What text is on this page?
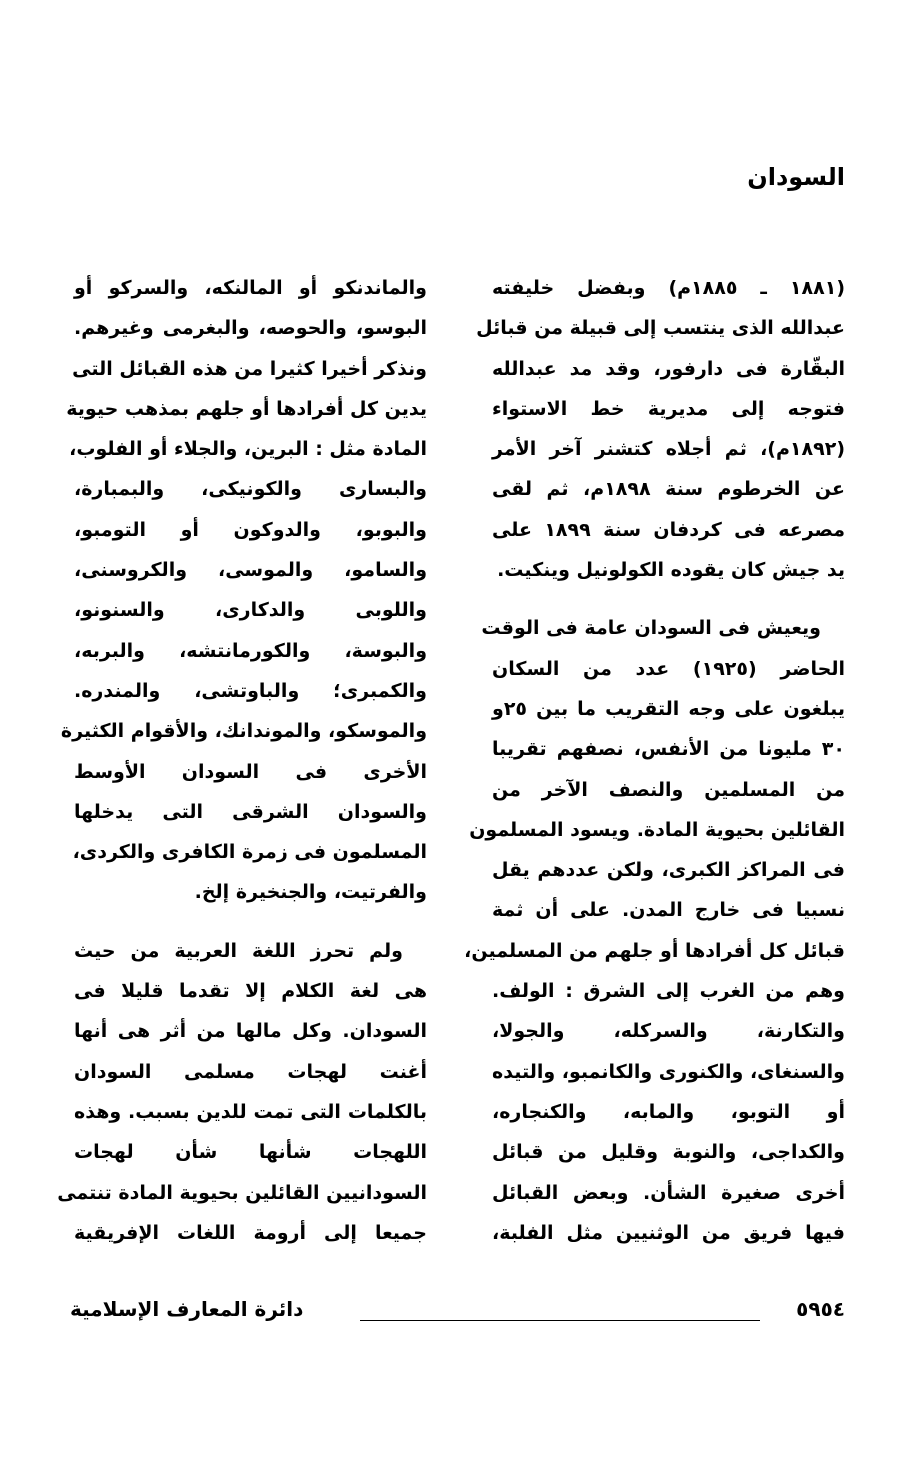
السودان

(١٨٨١ ـ ١٨٨٥م) وبفضل خليفته
عبدالله الذى ينتسب إلى قبيلة من قبائل
البقّارة فى دارفور، وقد مد عبدالله
فتوجه إلى مديرية خط الاستواء
(١٨٩٢م)، ثم أجلاه كتشنر آخر الأمر
عن الخرطوم سنة ١٨٩٨م، ثم لقى
مصرعه فى كردفان سنة ١٨٩٩ على
يد جيش كان يقوده الكولونيل وينكيت.

ويعيش فى السودان عامة فى الوقت
الحاضر (١٩٢٥) عدد من السكان
يبلغون على وجه التقريب ما بين ٢٥و
٣٠ مليونا من الأنفس، نصفهم تقريبا
من المسلمين والنصف الآخر من
القائلين بحيوية المادة. ويسود المسلمون
فى المراكز الكبرى، ولكن عددهم يقل
نسبيا فى خارج المدن. على أن ثمة
قبائل كل أفرادها أو جلهم من المسلمين،
وهم من الغرب إلى الشرق : الولف.
والتكارنة، والسركله، والجولا،
والسنغاى، والكنورى والكانمبو، والتيده
أو التوبو، والمابه، والكنجاره،
والكداجى، والنوبة وقليل من قبائل
أخرى صغيرة الشأن. وبعض القبائل
فيها فريق من الوثنيين مثل الفلبة،

والماندنكو أو المالنكه، والسركو أو
البوسو، والحوصه، والبغرمى وغيرهم.
ونذكر أخيرا كثيرا من هذه القبائل التى
يدين كل أفرادها أو جلهم بمذهب حيوية
المادة مثل : البرين، والجلاء أو الفلوب،
والبسارى والكونيكى، والبمبارة،
والبوبو، والدوكون أو التومبو،
والسامو، والموسى، والكروسنى،
واللوبى والدكارى، والسنونو،
والبوسة، والكورمانتشه، والبربه،
والكمبرى؛ والباوتشى، والمندره.
والموسكو، والموندانك، والأقوام الكثيرة
الأخرى فى السودان الأوسط
والسودان الشرقى التى يدخلها
المسلمون فى زمرة الكافرى والكردى،
والفرتيت، والجنخيرة إلخ.

ولم تحرز اللغة العربية من حيث
هى لغة الكلام إلا تقدما قليلا فى
السودان. وكل مالها من أثر هى أنها
أغنت لهجات مسلمى السودان
بالكلمات التى تمت للدين بسبب. وهذه
اللهجات شأنها شأن لهجات
السودانيين القائلين بحيوية المادة تنتمى
جميعا إلى أرومة اللغات الإفريقية

٥٩٥٤
دائرة المعارف الإسلامية
